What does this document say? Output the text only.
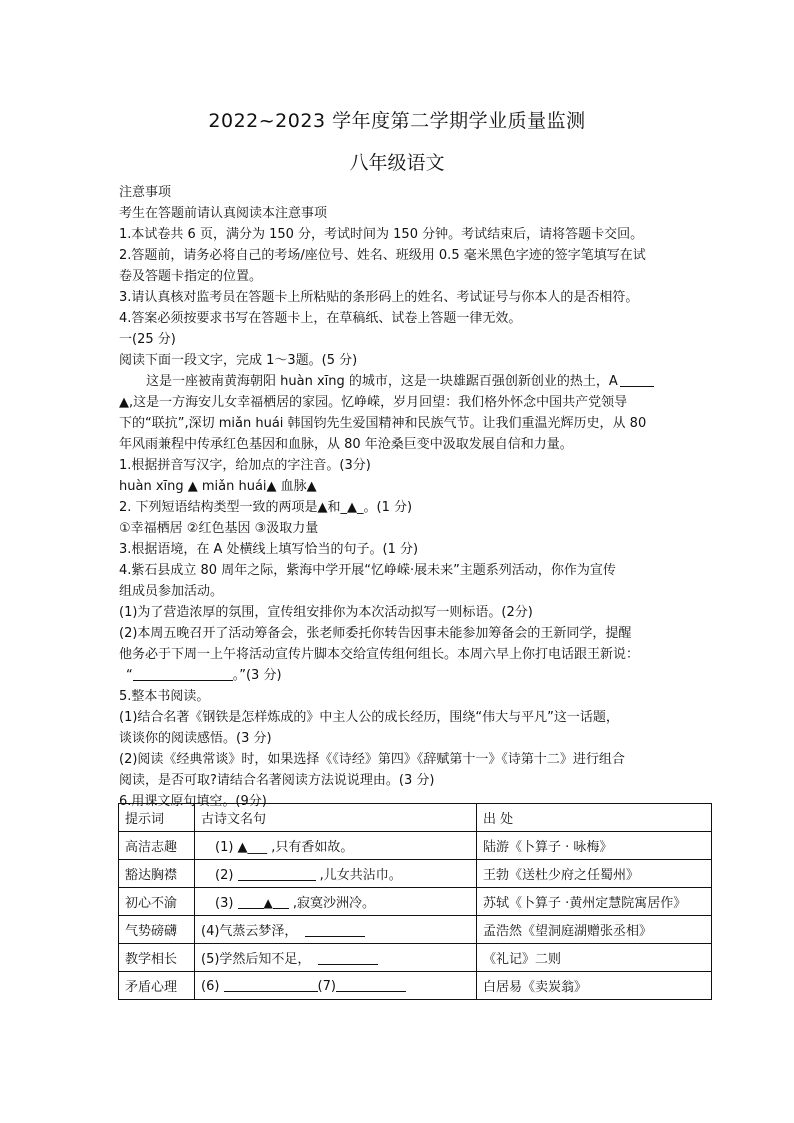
2022~2023 学年度第二学期学业质量监测
八年级语文
注意事项
考生在答题前请认真阅读本注意事项
1.本试卷共 6 页，满分为 150 分，考试时间为 150 分钟。考试结束后，请将答题卡交回。
2.答题前，请务必将自己的考场/座位号、姓名、班级用 0.5 毫米黑色字迹的签字笔填写在试
卷及答题卡指定的位置。
3.请认真核对监考员在答题卡上所粘贴的条形码上的姓名、考试证号与你本人的是否相符。
4.答案必须按要求书写在答题卡上，在草稿纸、试卷上答题一律无效。
一(25 分)
阅读下面一段文字，完成 1～3题。(5 分)
这是一座被南黄海朝阳 huàn xīng 的城市，这是一块雄踞百强创新创业的热土，A
▲,这是一方海安儿女幸福栖居的家园。忆峥嵘，岁月回望：我们格外怀念中国共产党领导
下的“联抗”,深切 miǎn huái 韩国钧先生爱国精神和民族气节。让我们重温光辉历史，从 80
年风雨兼程中传承红色基因和血脉，从 80 年沧桑巨变中汲取发展自信和力量。
1.根据拼音写汉字，给加点的字注音。(3分)
huàn xīng ▲ miǎn huái▲ 血脉▲
2. 下列短语结构类型一致的两项是▲和_▲_。(1 分)
①幸福栖居 ②红色基因 ③汲取力量
3.根据语境，在 A 处横线上填写恰当的句子。(1 分)
4.紫石县成立 80 周年之际，紫海中学开展“忆峥嵘·展未来”主题系列活动，你作为宣传
组成员参加活动。
(1)为了营造浓厚的氛围，宣传组安排你为本次活动拟写一则标语。(2分)
(2)本周五晚召开了活动筹备会，张老师委托你转告因事未能参加筹备会的王新同学，提醒
他务必于下周一上午将活动宣传片脚本交给宣传组何组长。本周六早上你打电话跟王新说：
“	。”(3 分)
5.整本书阅读。
(1)结合名著《钢铁是怎样炼成的》中主人公的成长经历，围绕“伟大与平凡”这一话题，
谈谈你的阅读感悟。(3 分)
(2)阅读《经典常谈》时，如果选择《《诗经》第四》《辞赋第十一》《诗第十二》进行组合
阅读，是否可取?请结合名著阅读方法说说理由。(3 分)
6.用课文原句填空。(9分)
提示词	古诗文名句	出 处
高洁志趣	(1) ▲___ ,只有香如故。	陆游《卜算子 · 咏梅》
豁达胸襟	(2) ,儿女共沾巾。	王勃《送杜少府之任蜀州》
初心不渝	(3) ▲ ,寂寞沙洲冷。	苏轼《卜算子 ·黄州定慧院寓居作》
气势磅礴	(4)气蒸云梦泽，	孟浩然《望洞庭湖赠张丞相》
教学相长	(5)学然后知不足，	《礼记》二则
矛盾心理	(6) (7)	白居易《卖炭翁》
